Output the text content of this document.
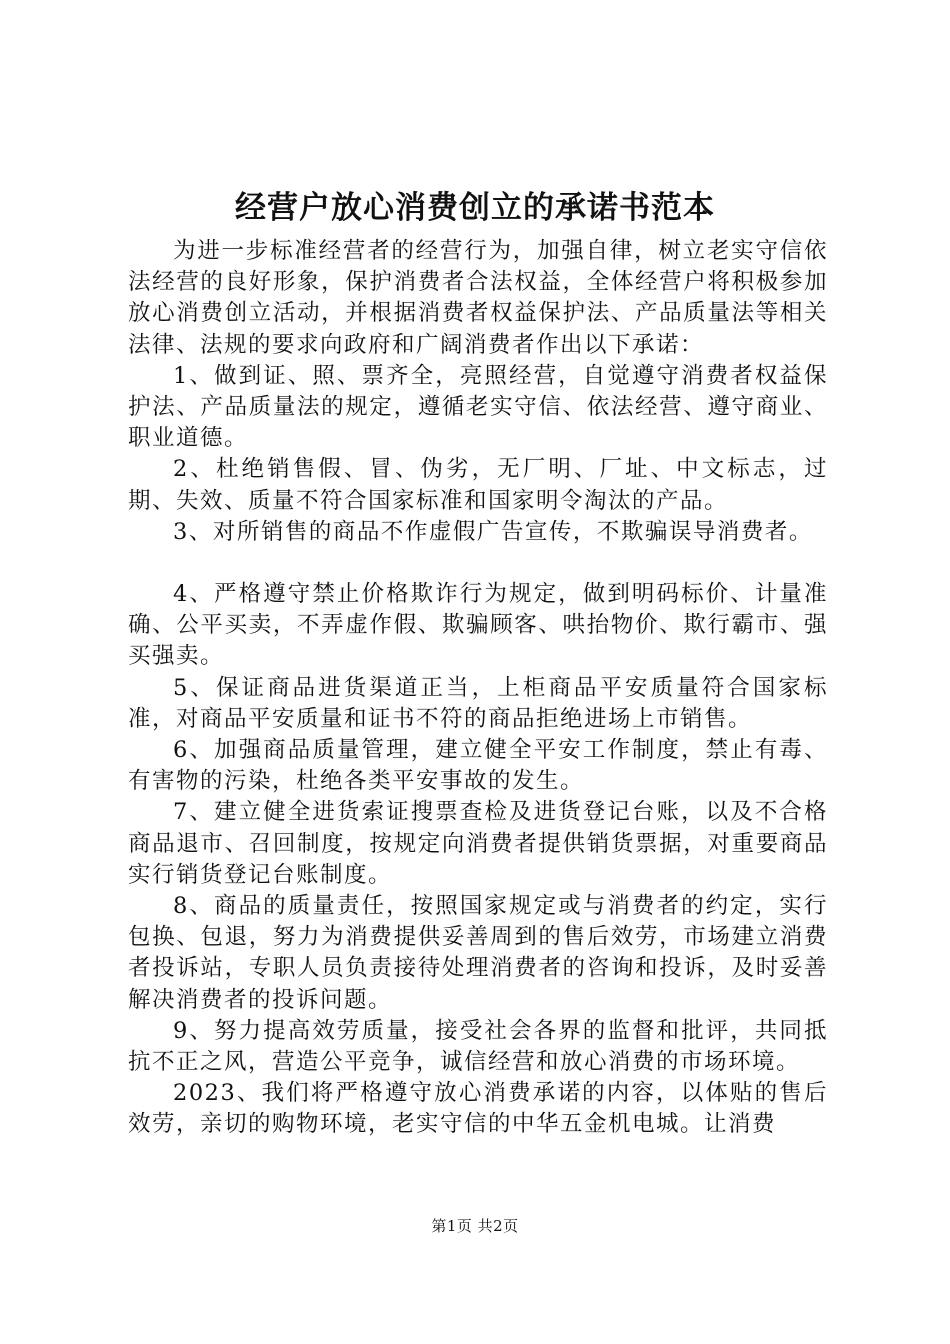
经营户放心消费创立的承诺书范本

为进一步标准经营者的经营行为，加强自律，树立老实守信依法经营的良好形象，保护消费者合法权益，全体经营户将积极参加放心消费创立活动，并根据消费者权益保护法、产品质量法等相关法律、法规的要求向政府和广阔消费者作出以下承诺：

1、做到证、照、票齐全，亮照经营，自觉遵守消费者权益保护法、产品质量法的规定，遵循老实守信、依法经营、遵守商业、职业道德。

2、杜绝销售假、冒、伪劣，无厂明、厂址、中文标志，过期、失效、质量不符合国家标准和国家明令淘汰的产品。

3、对所销售的商品不作虚假广告宣传，不欺骗误导消费者。

4、严格遵守禁止价格欺诈行为规定，做到明码标价、计量准确、公平买卖，不弄虚作假、欺骗顾客、哄抬物价、欺行霸市、强买强卖。

5、保证商品进货渠道正当，上柜商品平安质量符合国家标准，对商品平安质量和证书不符的商品拒绝进场上市销售。

6、加强商品质量管理，建立健全平安工作制度，禁止有毒、有害物的污染，杜绝各类平安事故的发生。

7、建立健全进货索证搜票查检及进货登记台账，以及不合格商品退市、召回制度，按规定向消费者提供销货票据，对重要商品实行销货登记台账制度。

8、商品的质量责任，按照国家规定或与消费者的约定，实行包换、包退，努力为消费提供妥善周到的售后效劳，市场建立消费者投诉站，专职人员负责接待处理消费者的咨询和投诉，及时妥善解决消费者的投诉问题。

9、努力提高效劳质量，接受社会各界的监督和批评，共同抵抗不正之风，营造公平竞争，诚信经营和放心消费的市场环境。

2023、我们将严格遵守放心消费承诺的内容，以体贴的售后效劳，亲切的购物环境，老实守信的中华五金机电城。让消费

第1页 共2页
